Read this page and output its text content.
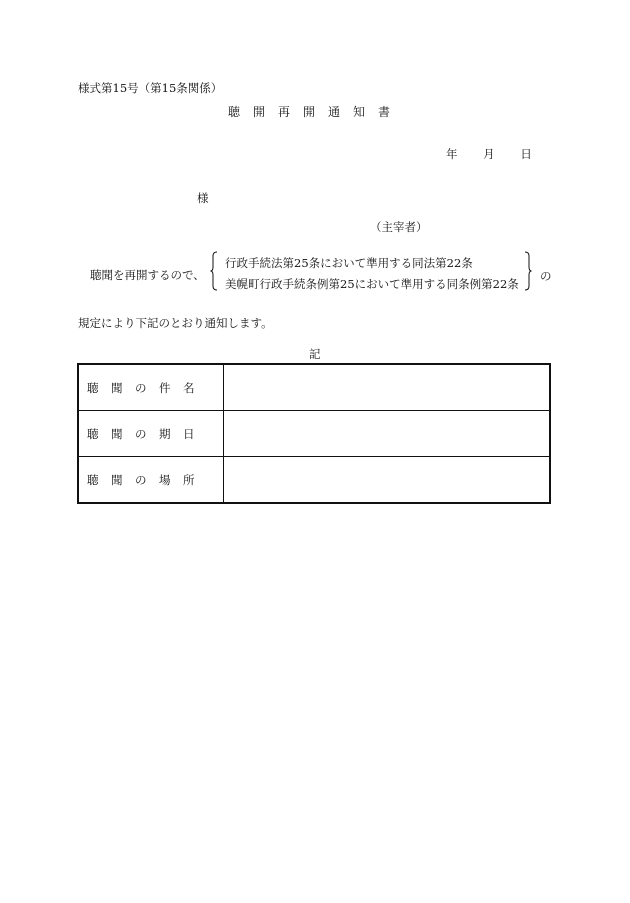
様式第15号（第15条関係）
聴開再開通知書
年 月 日
様
（主宰者）
聴聞を再開するので、
行政手続法第25条において準用する同法第22条
美幌町行政手続条例第25において準用する同条例第22条
の
規定により下記のとおり通知します。
記
聴聞の件名	
聴聞の期日	
聴聞の場所	
